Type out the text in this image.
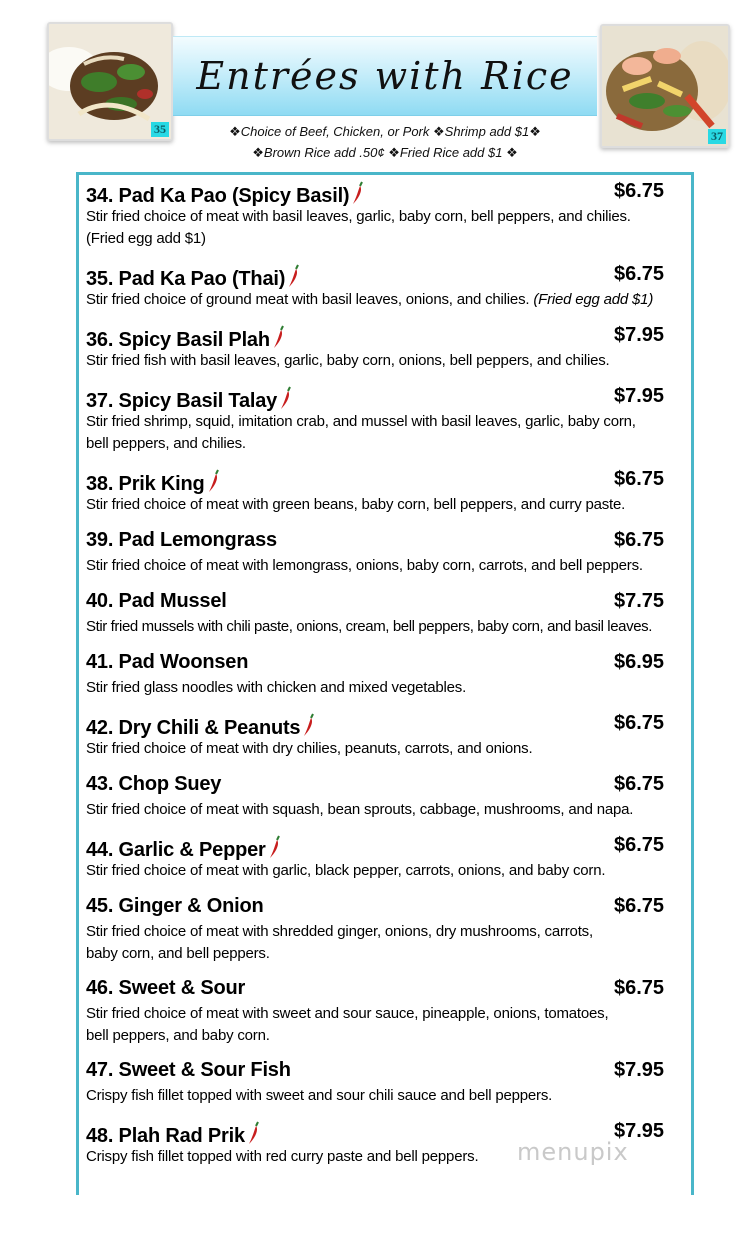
35	37
Entrées with Rice
❖Choice of Beef, Chicken, or Pork ❖Shrimp add $1❖
❖Brown Rice add .50¢ ❖Fried Rice add $1 ❖
34. Pad Ka Pao (Spicy Basil)	$6.75
Stir fried choice of meat with basil leaves, garlic, baby corn, bell peppers, and chilies.
(Fried egg add $1)
35. Pad Ka Pao (Thai)	$6.75
Stir fried choice of ground meat with basil leaves, onions, and chilies. (Fried egg add $1)
36. Spicy Basil Plah	$7.95
Stir fried fish with basil leaves, garlic, baby corn, onions, bell peppers, and chilies.
37. Spicy Basil Talay	$7.95
Stir fried shrimp, squid, imitation crab, and mussel with basil leaves, garlic, baby corn,
bell peppers, and chilies.
38. Prik King	$6.75
Stir fried choice of meat with green beans, baby corn, bell peppers, and curry paste.
39. Pad Lemongrass	$6.75
Stir fried choice of meat with lemongrass, onions, baby corn, carrots, and bell peppers.
40. Pad Mussel	$7.75
Stir fried mussels with chili paste, onions, cream, bell peppers, baby corn, and basil leaves.
41. Pad Woonsen	$6.95
Stir fried glass noodles with chicken and mixed vegetables.
42. Dry Chili & Peanuts	$6.75
Stir fried choice of meat with dry chilies, peanuts, carrots, and onions.
43. Chop Suey	$6.75
Stir fried choice of meat with squash, bean sprouts, cabbage, mushrooms, and napa.
44. Garlic & Pepper	$6.75
Stir fried choice of meat with garlic, black pepper, carrots, onions, and baby corn.
45. Ginger & Onion	$6.75
Stir fried choice of meat with shredded ginger, onions, dry mushrooms, carrots,
baby corn, and bell peppers.
46. Sweet & Sour	$6.75
Stir fried choice of meat with sweet and sour sauce, pineapple, onions, tomatoes,
bell peppers, and baby corn.
47. Sweet & Sour Fish	$7.95
Crispy fish fillet topped with sweet and sour chili sauce and bell peppers.
48. Plah Rad Prik	$7.95
Crispy fish fillet topped with red curry paste and bell peppers.	menupix
